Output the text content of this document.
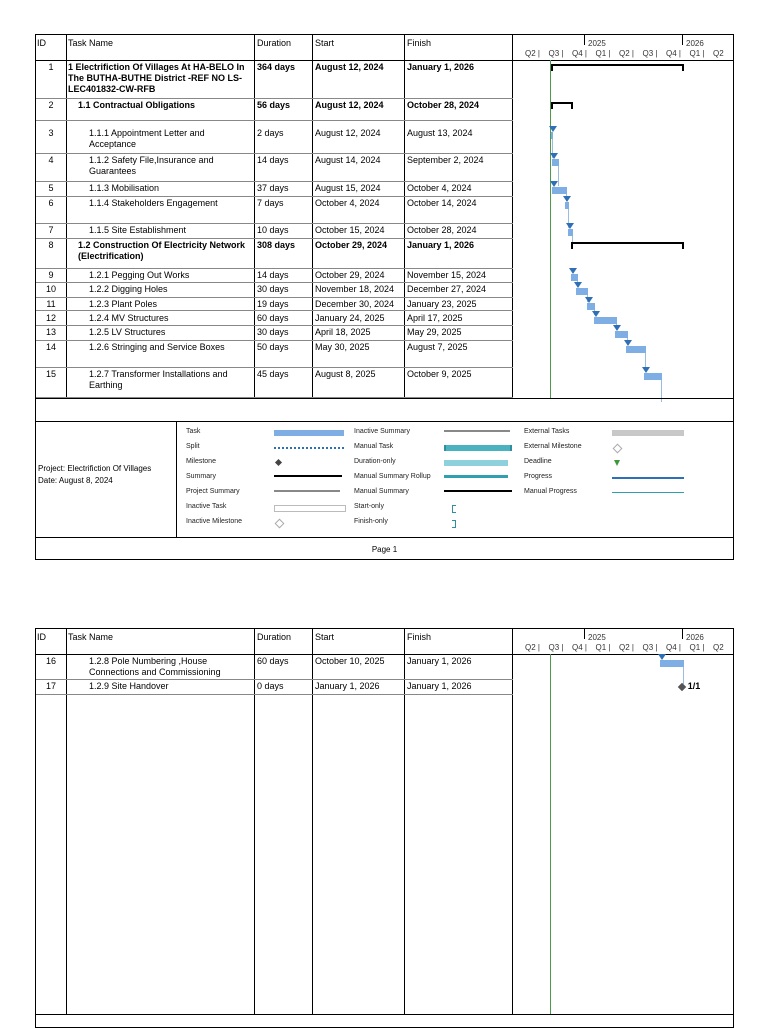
ID Task Name	Duration	Start	Finish	2025	2026
Q2 | Q3 | Q4 | Q1 | Q2 | Q3 | Q4 | Q1 | Q2
1	1 Electrifiction Of Villages At HA-BELO In The BUTHA-BUTHE District -REF NO LS-LEC401832-CW-RFB
364 days August 12, 2024	January 1, 2026
2	1.1 Contractual Obligations	56 days	August 12, 2024	October 28, 2024
3	1.1.1 Appointment Letter and Acceptance
2 days	August 12, 2024	August 13, 2024
4	1.1.2 Safety File,Insurance and Guarantees
14 days	August 14, 2024	September 2, 2024
5	1.1.3 Mobilisation	37 days	August 15, 2024	October 4, 2024
6	1.1.4 Stakeholders Engagement	7 days	October 4, 2024	October 14, 2024
7	1.1.5 Site Establishment	10 days	October 15, 2024 October 28, 2024
8	1.2 Construction Of Electricity Network (Electrification)
308 days October 29, 2024 January 1, 2026
9	1.2.1 Pegging Out Works	14 days	October 29, 2024 November 15, 2024
10	1.2.2 Digging Holes	30 days	November 18, 2024 December 27, 2024
11	1.2.3 Plant Poles	19 days	December 30, 2024 January 23, 2025
12	1.2.4 MV Structures	60 days	January 24, 2025 April 17, 2025
13	1.2.5 LV Structures	30 days	April 18, 2025	May 29, 2025
14	1.2.6 Stringing and Service Boxes	50 days	May 30, 2025	August 7, 2025
15	1.2.7 Transformer Installations and Earthing
45 days	August 8, 2025	October 9, 2025
Project: Electrifiction Of Villages
Date: August 8, 2024
Task
Split
Milestone
Summary
Project Summary
Inactive Task
Inactive Milestone
Inactive Summary
Manual Task
Duration-only
Manual Summary Rollup
Manual Summary
Start-only
Finish-only
External Tasks
External Milestone
Deadline
Progress
Manual Progress
Page 1
ID Task Name	Duration	Start	Finish	2025	2026
Q2 | Q3 | Q4 | Q1 | Q2 | Q3 | Q4 | Q1 | Q2
16	1.2.8 Pole Numbering ,House Connections and Commissioning
60 days	October 10, 2025 January 1, 2026
17	1.2.9 Site Handover	0 days	January 1, 2026	January 1, 2026	1/1
